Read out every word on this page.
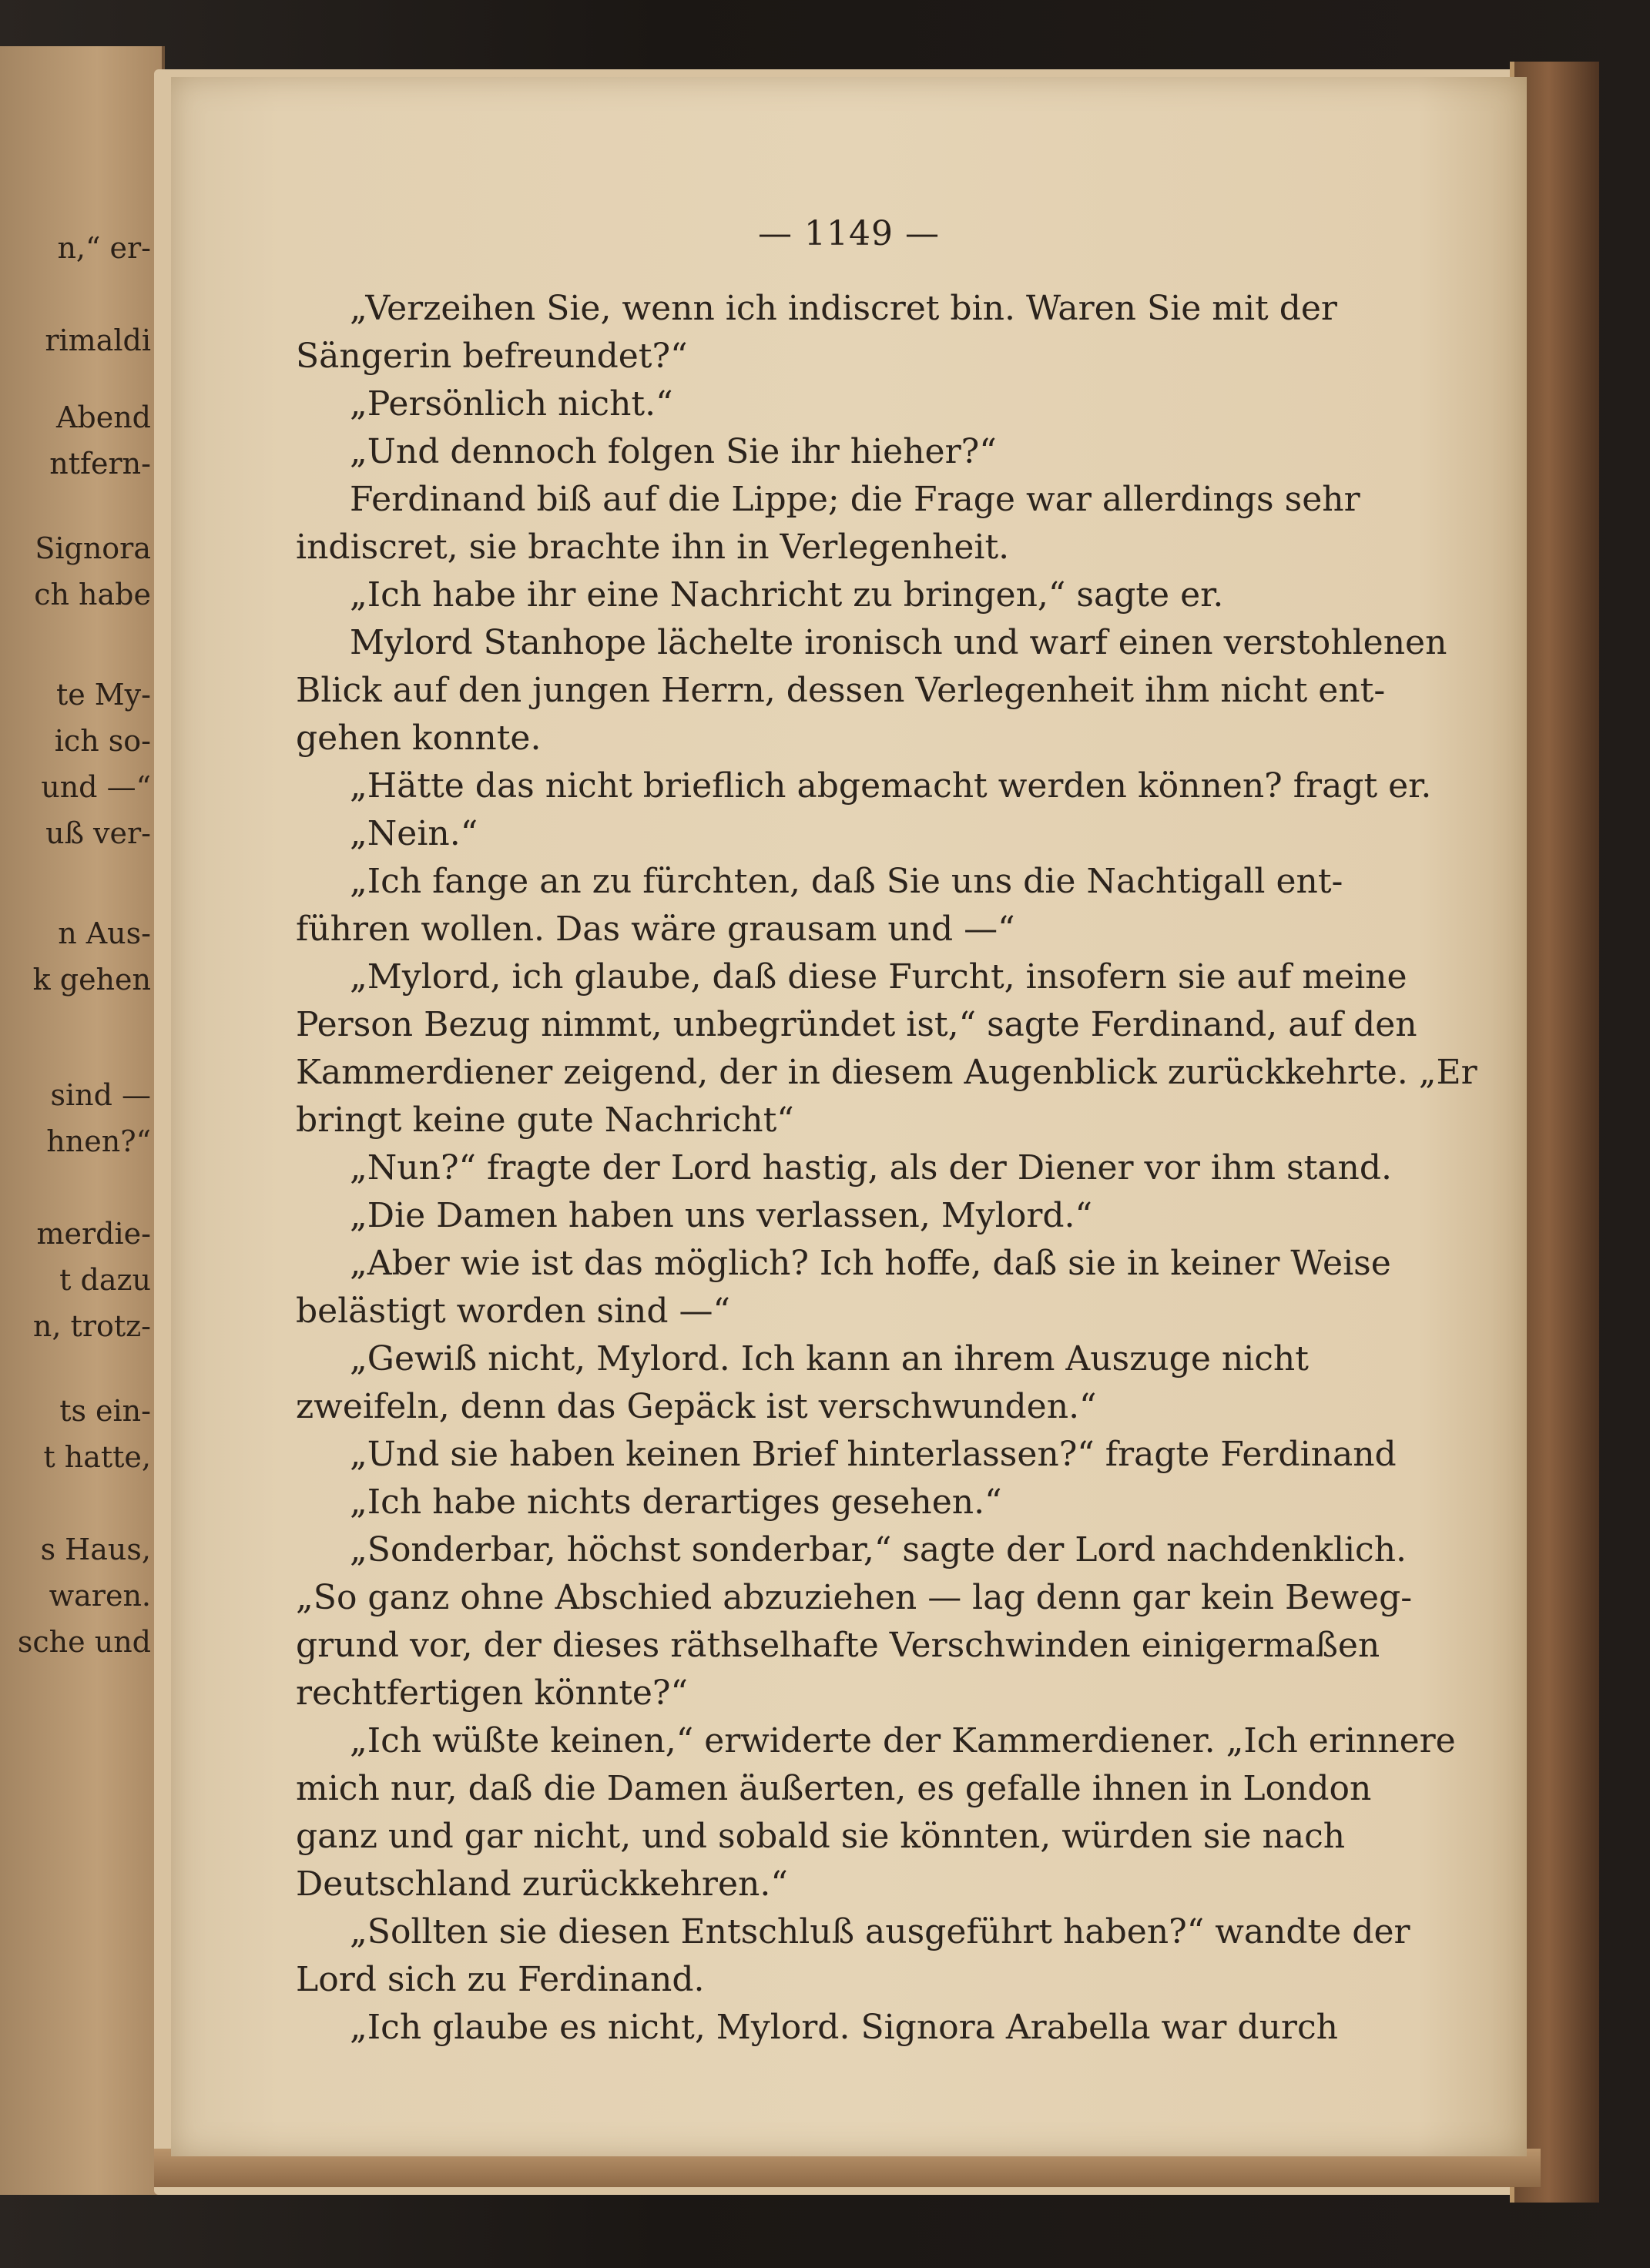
n,“ er-
rimaldi
Abend
ntfern-
Signora
ch habe
te My-
ich so-
und —“
uß ver-
n Aus-
k gehen
sind —
hnen?“
merdie-
t dazu
n, trotz-
ts ein-
t hatte,
s Haus,
waren.
sche und
— 1149 —
„Verzeihen Sie, wenn ich indiscret bin. Waren Sie mit der
Sängerin befreundet?“
„Persönlich nicht.“
„Und dennoch folgen Sie ihr hieher?“
Ferdinand biß auf die Lippe; die Frage war allerdings sehr
indiscret, sie brachte ihn in Verlegenheit.
„Ich habe ihr eine Nachricht zu bringen,“ sagte er.
Mylord Stanhope lächelte ironisch und warf einen verstohlenen
Blick auf den jungen Herrn, dessen Verlegenheit ihm nicht ent-
gehen konnte.
„Hätte das nicht brieflich abgemacht werden können? fragt er.
„Nein.“
„Ich fange an zu fürchten, daß Sie uns die Nachtigall ent-
führen wollen. Das wäre grausam und —“
„Mylord, ich glaube, daß diese Furcht, insofern sie auf meine
Person Bezug nimmt, unbegründet ist,“ sagte Ferdinand, auf den
Kammerdiener zeigend, der in diesem Augenblick zurückkehrte. „Er
bringt keine gute Nachricht“
„Nun?“ fragte der Lord hastig, als der Diener vor ihm stand.
„Die Damen haben uns verlassen, Mylord.“
„Aber wie ist das möglich? Ich hoffe, daß sie in keiner Weise
belästigt worden sind —“
„Gewiß nicht, Mylord. Ich kann an ihrem Auszuge nicht
zweifeln, denn das Gepäck ist verschwunden.“
„Und sie haben keinen Brief hinterlassen?“ fragte Ferdinand
„Ich habe nichts derartiges gesehen.“
„Sonderbar, höchst sonderbar,“ sagte der Lord nachdenklich.
„So ganz ohne Abschied abzuziehen — lag denn gar kein Beweg-
grund vor, der dieses räthselhafte Verschwinden einigermaßen
rechtfertigen könnte?“
„Ich wüßte keinen,“ erwiderte der Kammerdiener. „Ich erinnere
mich nur, daß die Damen äußerten, es gefalle ihnen in London
ganz und gar nicht, und sobald sie könnten, würden sie nach
Deutschland zurückkehren.“
„Sollten sie diesen Entschluß ausgeführt haben?“ wandte der
Lord sich zu Ferdinand.
„Ich glaube es nicht, Mylord. Signora Arabella war durch
